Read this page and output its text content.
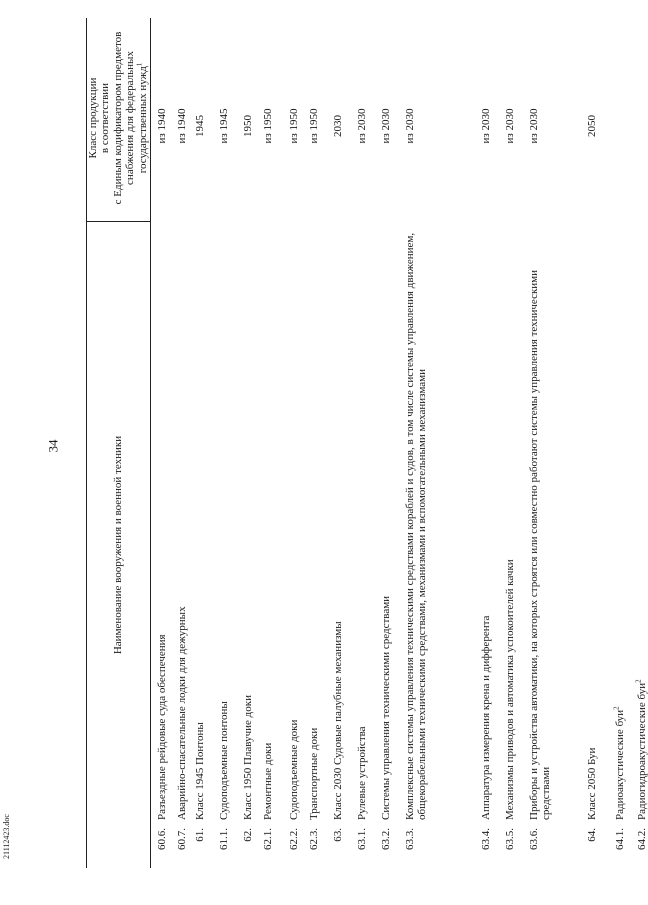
34
21112423.doc
Наименование вооружения и военной техники
Класс продукции в соответствии с Единым кодификатором предметов снабжения для федеральных государственных нужд$^1$
60.6.
Разъездные рейдовые суда обеспечения
из 1940
60.7.
Аварийно-спасательные лодки для дежурных
из 1940
61.
Класс 1945 Понтоны
1945
61.1.
Судоподъемные понтоны
из 1945
62.
Класс 1950 Плавучие доки
1950
62.1.
Ремонтные доки
из 1950
62.2.
Судоподъемные доки
из 1950
62.3.
Транспортные доки
из 1950
63.
Класс 2030 Судовые палубные механизмы
2030
63.1.
Рулевые устройства
из 2030
63.2.
Системы управления техническими средствами
из 2030
63.3.
Комплексные системы управления техническими средствами кораблей и судов, в том числе системы управления движением, общекорабельными техническими средствами, механизмами и вспомогательными механизмами
из 2030
63.4.
Аппаратура измерения крена и дифферента
из 2030
63.5.
Механизмы приводов и автоматика успокоителей качки
из 2030
63.6.
Приборы и устройства автоматики, на которых строятся или совместно работают системы управления техническими средствами
из 2030
64.
Класс 2050 Буи
2050
64.1.
Радиоакустические буи$^2$
64.2.
Радиогидроакустические буи$^2$
